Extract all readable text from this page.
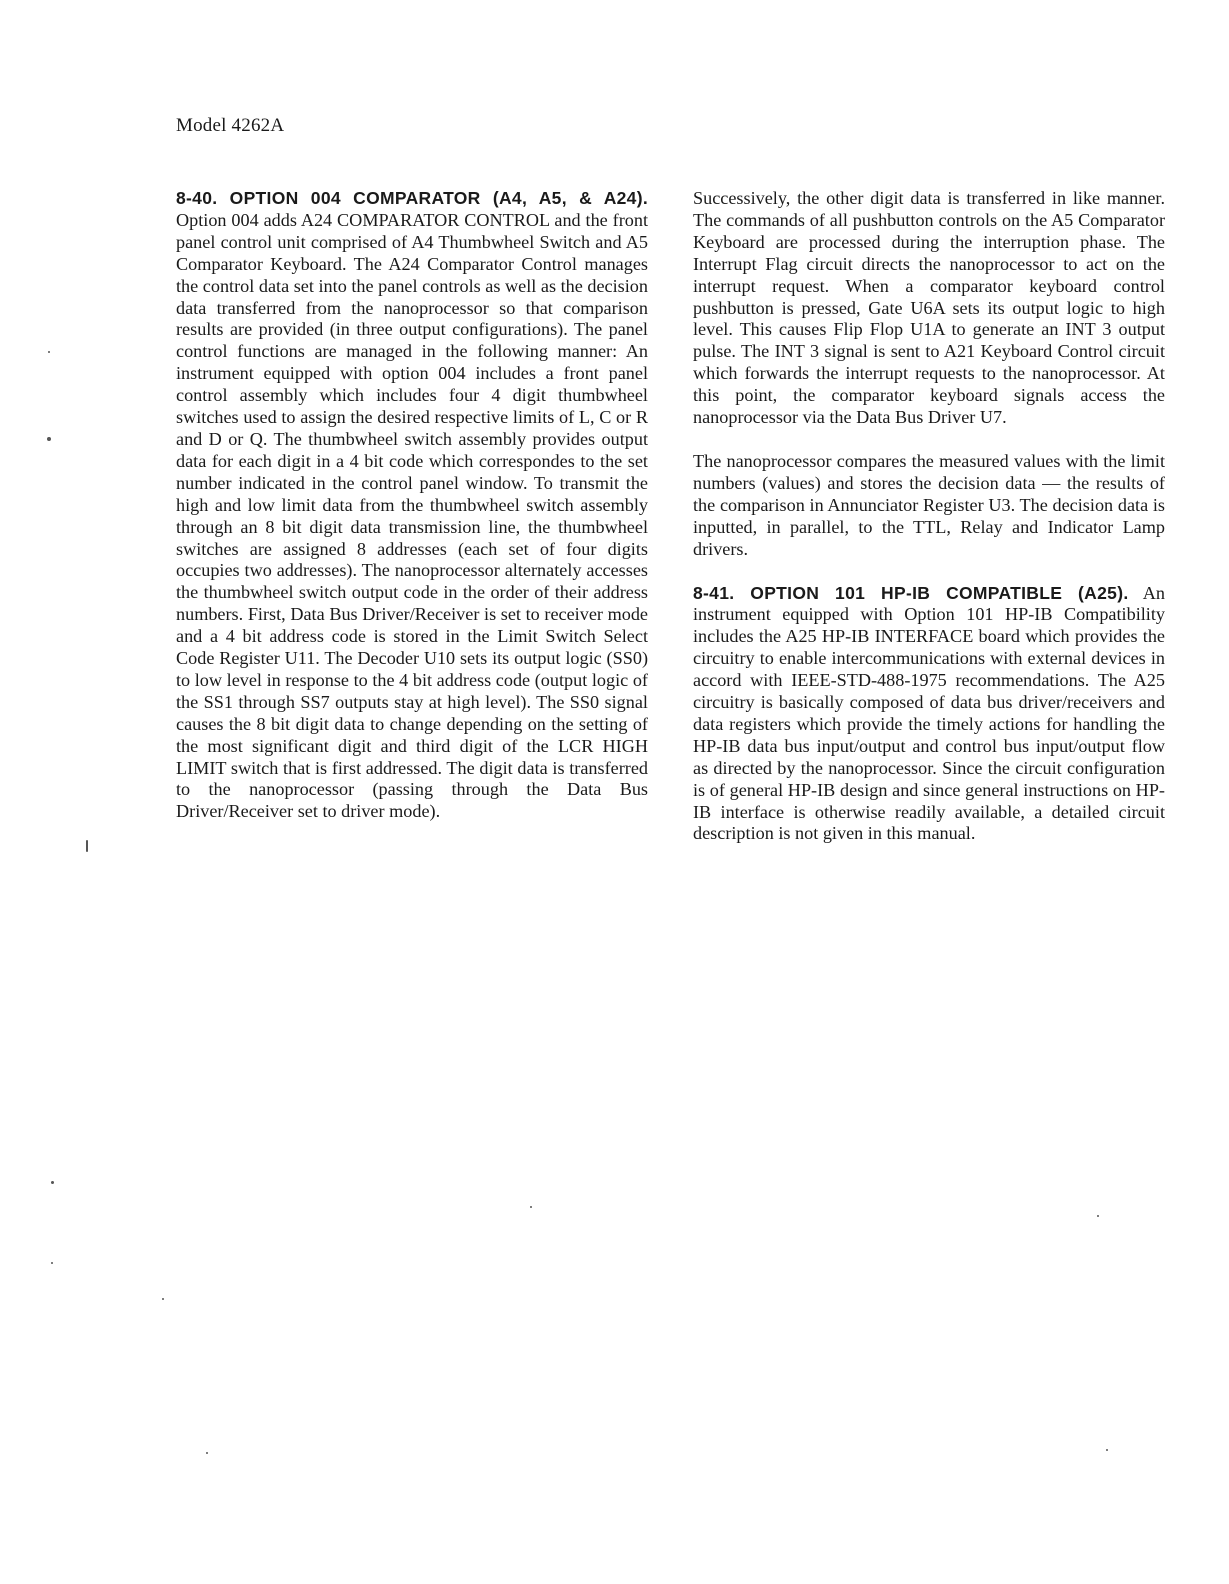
Model 4262A

8-40. OPTION 004 COMPARATOR (A4, A5, & A24). Option 004 adds A24 COMPARATOR CONTROL and the front panel control unit comprised of A4 Thumbwheel Switch and A5 Comparator Keyboard. The A24 Comparator Control manages the control data set into the panel controls as well as the decision data transferred from the nanoprocessor so that comparison results are provided (in three output configurations). The panel control functions are managed in the following manner: An instrument equipped with option 004 includes a front panel control assembly which includes four 4 digit thumbwheel switches used to assign the desired respective limits of L, C or R and D or Q. The thumbwheel switch assembly provides output data for each digit in a 4 bit code which correspondes to the set number indicated in the control panel window. To transmit the high and low limit data from the thumbwheel switch assembly through an 8 bit digit data transmission line, the thumbwheel switches are assigned 8 addresses (each set of four digits occupies two addresses). The nanoprocessor alternately accesses the thumbwheel switch output code in the order of their address numbers. First, Data Bus Driver/Receiver is set to receiver mode and a 4 bit address code is stored in the Limit Switch Select Code Register U11. The Decoder U10 sets its output logic (SS0) to low level in response to the 4 bit address code (output logic of the SS1 through SS7 outputs stay at high level). The SS0 signal causes the 8 bit digit data to change depending on the setting of the most significant digit and third digit of the LCR HIGH LIMIT switch that is first addressed. The digit data is transferred to the nanoprocessor (passing through the Data Bus Driver/Receiver set to driver mode).

Successively, the other digit data is transferred in like manner. The commands of all pushbutton controls on the A5 Comparator Keyboard are processed during the interruption phase. The Interrupt Flag circuit directs the nanoprocessor to act on the interrupt request. When a comparator keyboard control pushbutton is pressed, Gate U6A sets its output logic to high level. This causes Flip Flop U1A to generate an INT 3 output pulse. The INT 3 signal is sent to A21 Keyboard Control circuit which forwards the interrupt requests to the nanoprocessor. At this point, the comparator keyboard signals access the nanoprocessor via the Data Bus Driver U7.

The nanoprocessor compares the measured values with the limit numbers (values) and stores the decision data — the results of the comparison in Annunciator Register U3. The decision data is inputted, in parallel, to the TTL, Relay and Indicator Lamp drivers.

8-41. OPTION 101 HP-IB COMPATIBLE (A25). An instrument equipped with Option 101 HP-IB Compatibility includes the A25 HP-IB INTERFACE board which provides the circuitry to enable intercommunications with external devices in accord with IEEE-STD-488-1975 recommendations. The A25 circuitry is basically composed of data bus driver/receivers and data registers which provide the timely actions for handling the HP-IB data bus input/output and control bus input/output flow as directed by the nanoprocessor. Since the circuit configuration is of general HP-IB design and since general instructions on HP-IB interface is otherwise readily available, a detailed circuit description is not given in this manual.
